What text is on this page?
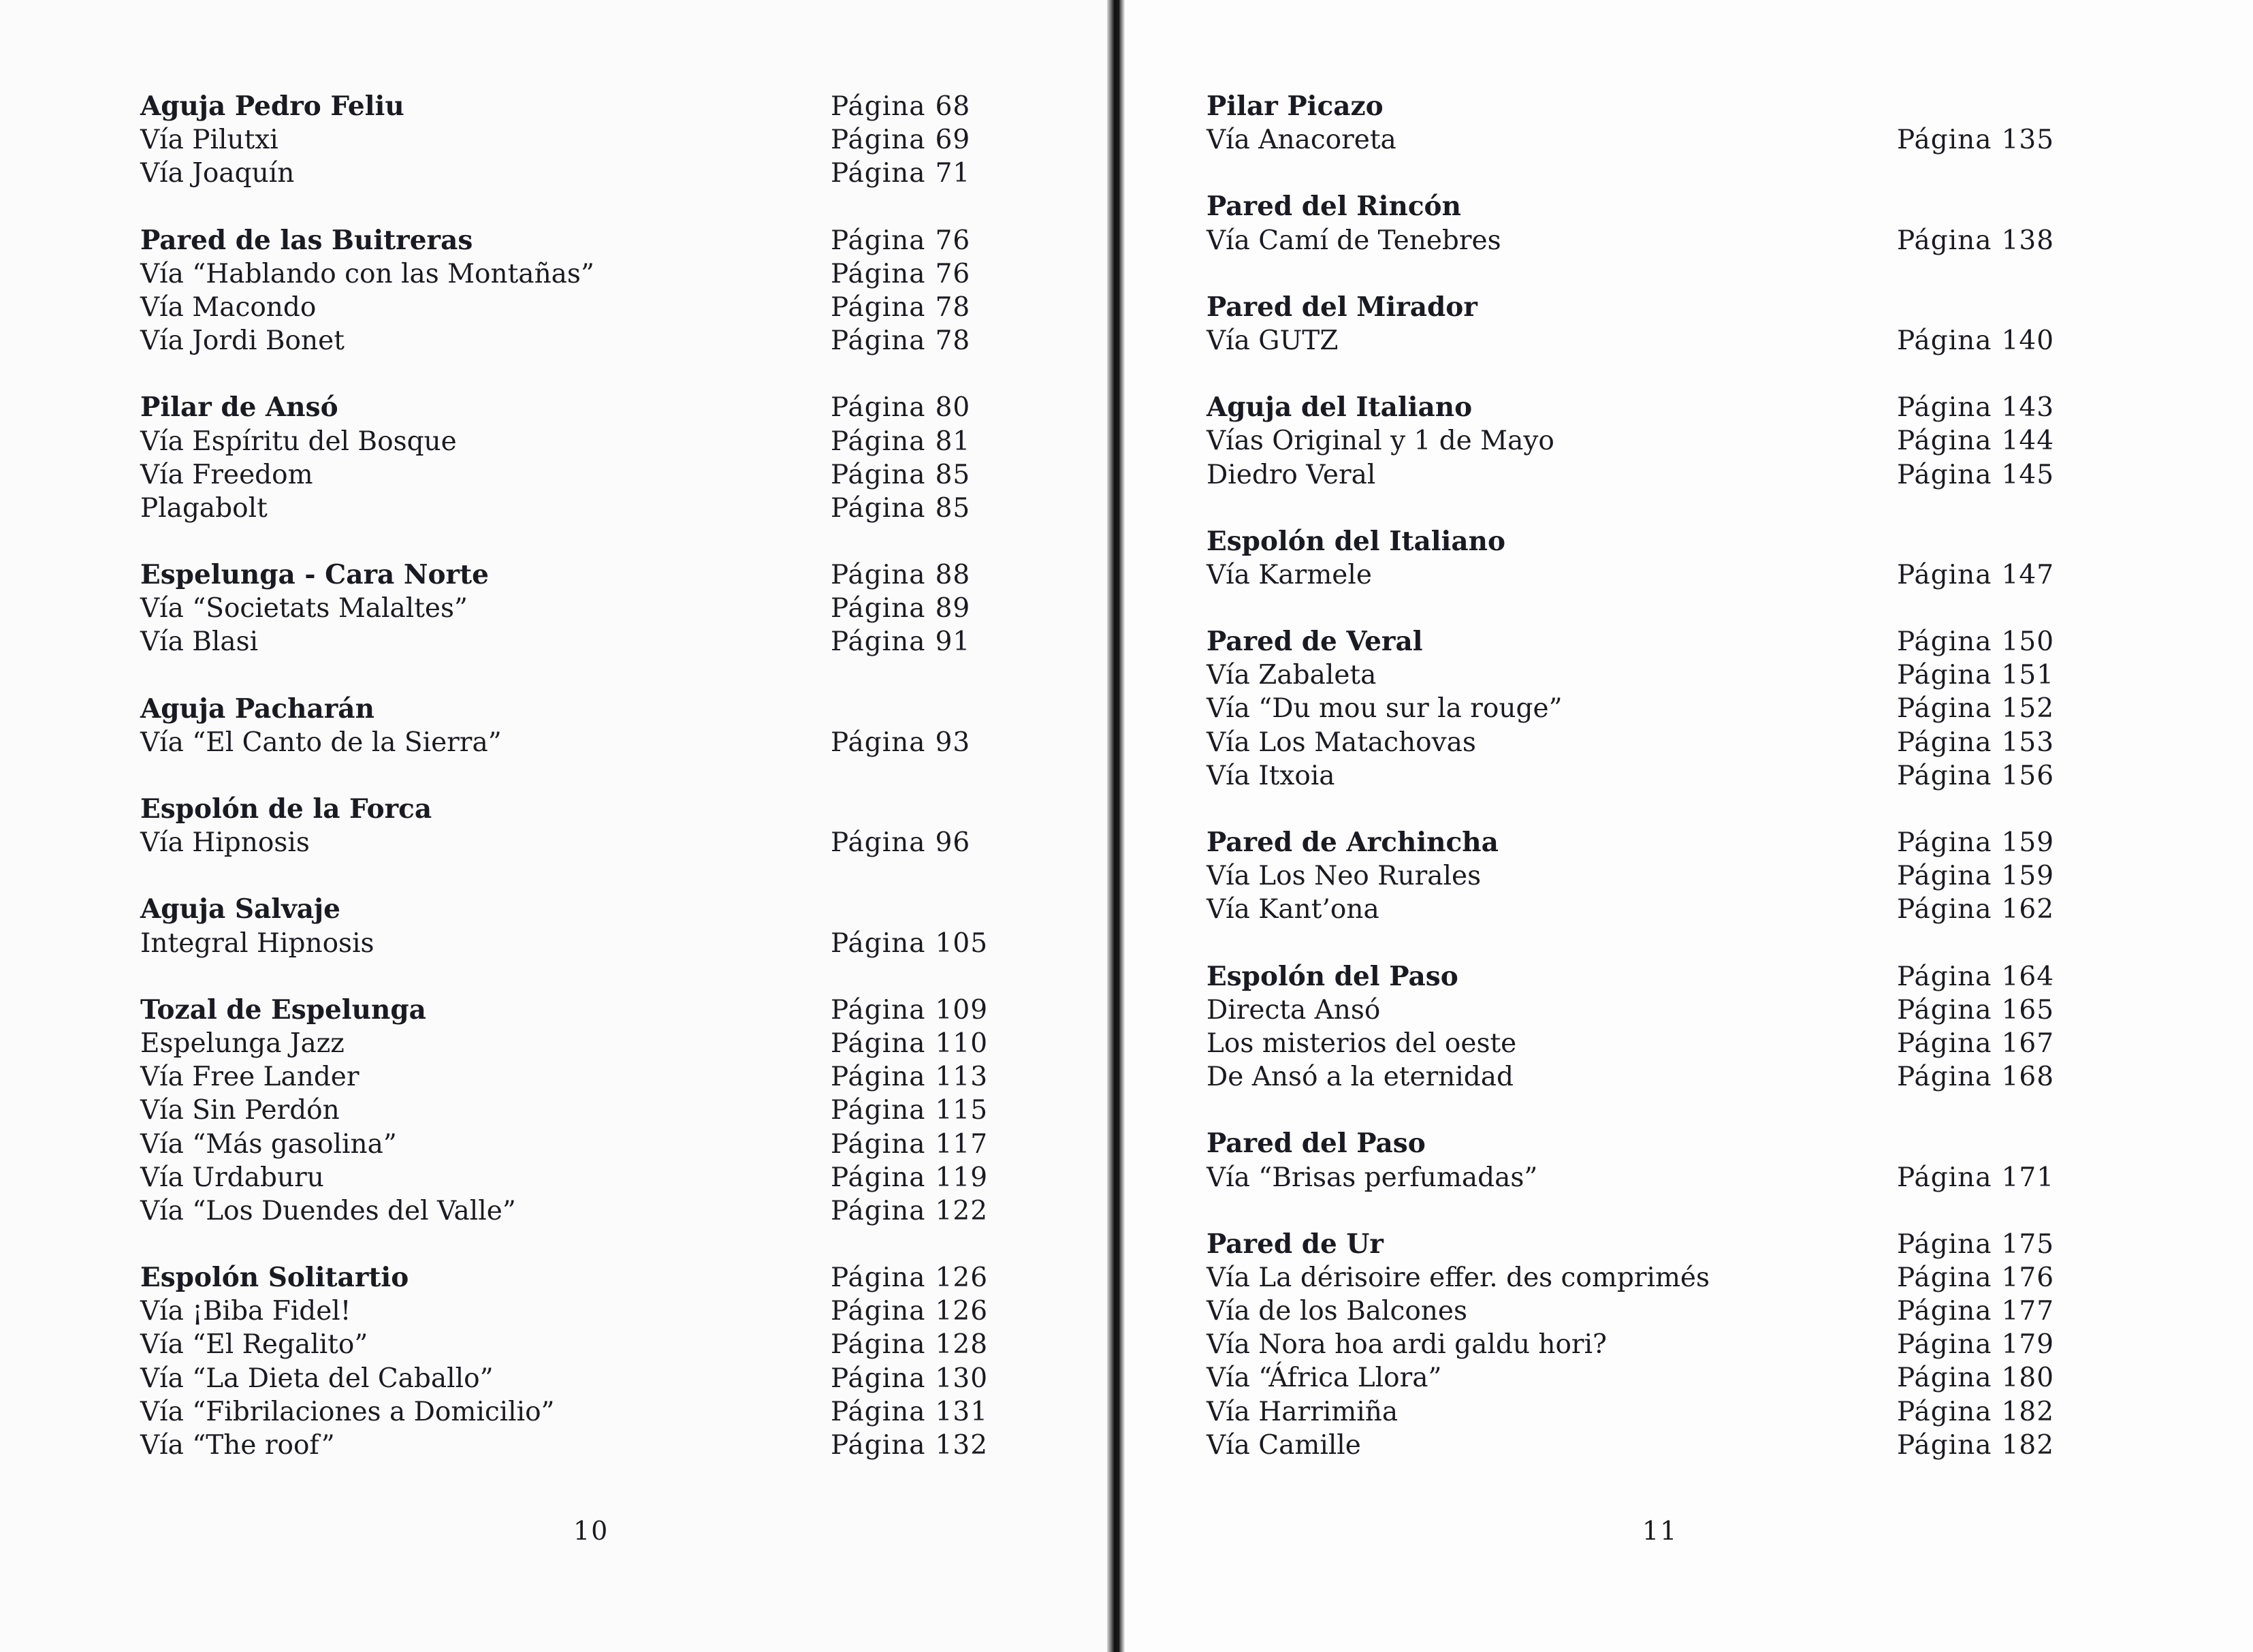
Aguja Pedro Feliu	Página 68
Vía Pilutxi	Página 69
Vía Joaquín	Página 71
Pared de las Buitreras	Página 76
Vía “Hablando con las Montañas”	Página 76
Vía Macondo	Página 78
Vía Jordi Bonet	Página 78
Pilar de Ansó	Página 80
Vía Espíritu del Bosque	Página 81
Vía Freedom	Página 85
Plagabolt	Página 85
Espelunga - Cara Norte	Página 88
Vía “Societats Malaltes”	Página 89
Vía Blasi	Página 91
Aguja Pacharán
Vía “El Canto de la Sierra”	Página 93
Espolón de la Forca
Vía Hipnosis	Página 96
Aguja Salvaje
Integral Hipnosis	Página 105
Tozal de Espelunga	Página 109
Espelunga Jazz	Página 110
Vía Free Lander	Página 113
Vía Sin Perdón	Página 115
Vía “Más gasolina”	Página 117
Vía Urdaburu	Página 119
Vía “Los Duendes del Valle”	Página 122
Espolón Solitartio	Página 126
Vía ¡Biba Fidel!	Página 126
Vía “El Regalito”	Página 128
Vía “La Dieta del Caballo”	Página 130
Vía “Fibrilaciones a Domicilio”	Página 131
Vía “The roof”	Página 132
10	11
Pilar Picazo
Vía Anacoreta	Página 135
Pared del Rincón
Vía Camí de Tenebres	Página 138
Pared del Mirador
Vía GUTZ	Página 140
Aguja del Italiano	Página 143
Vías Original y 1 de Mayo	Página 144
Diedro Veral	Página 145
Espolón del Italiano
Vía Karmele	Página 147
Pared de Veral	Página 150
Vía Zabaleta	Página 151
Vía “Du mou sur la rouge”	Página 152
Vía Los Matachovas	Página 153
Vía Itxoia	Página 156
Pared de Archincha	Página 159
Vía Los Neo Rurales	Página 159
Vía Kant’ona	Página 162
Espolón del Paso	Página 164
Directa Ansó	Página 165
Los misterios del oeste	Página 167
De Ansó a la eternidad	Página 168
Pared del Paso
Vía “Brisas perfumadas”	Página 171
Pared de Ur	Página 175
Vía La dérisoire effer. des comprimés	Página 176
Vía de los Balcones	Página 177
Vía Nora hoa ardi galdu hori?	Página 179
Vía “África Llora”	Página 180
Vía Harrimiña	Página 182
Vía Camille	Página 182
